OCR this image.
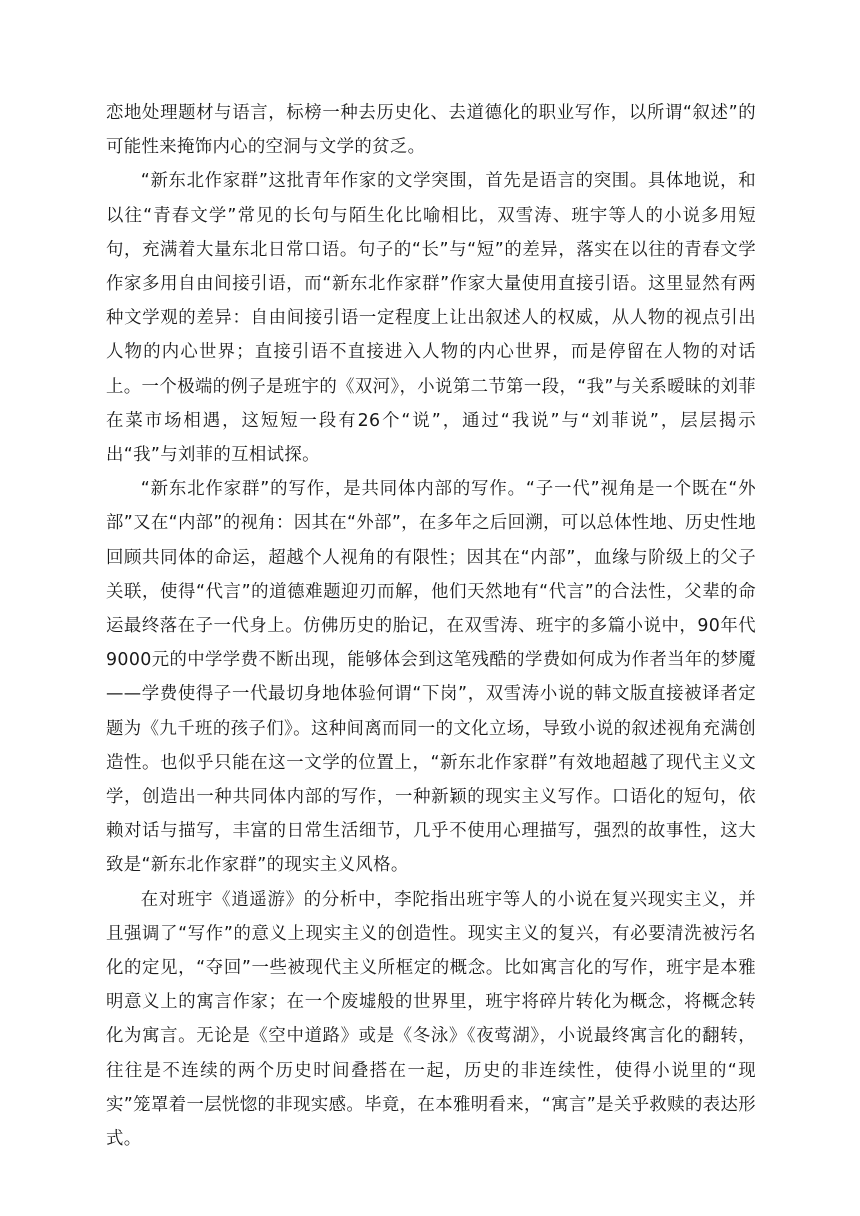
恋地处理题材与语言，标榜一种去历史化、去道德化的职业写作，以所谓“叙述”的可能性来掩饰内心的空洞与文学的贫乏。

“新东北作家群”这批青年作家的文学突围，首先是语言的突围。具体地说，和以往“青春文学”常见的长句与陌生化比喻相比，双雪涛、班宇等人的小说多用短句，充满着大量东北日常口语。句子的“长”与“短”的差异，落实在以往的青春文学作家多用自由间接引语，而“新东北作家群”作家大量使用直接引语。这里显然有两种文学观的差异：自由间接引语一定程度上让出叙述人的权威，从人物的视点引出人物的内心世界；直接引语不直接进入人物的内心世界，而是停留在人物的对话上。一个极端的例子是班宇的《双河》，小说第二节第一段，“我”与关系暧昧的刘菲在菜市场相遇，这短短一段有26个“说”，通过“我说”与“刘菲说”，层层揭示出“我”与刘菲的互相试探。

“新东北作家群”的写作，是共同体内部的写作。“子一代”视角是一个既在“外部”又在“内部”的视角：因其在“外部”，在多年之后回溯，可以总体性地、历史性地回顾共同体的命运，超越个人视角的有限性；因其在“内部”，血缘与阶级上的父子关联，使得“代言”的道德难题迎刃而解，他们天然地有“代言”的合法性，父辈的命运最终落在子一代身上。仿佛历史的胎记，在双雪涛、班宇的多篇小说中，90年代9000元的中学学费不断出现，能够体会到这笔残酷的学费如何成为作者当年的梦魇——学费使得子一代最切身地体验何谓“下岗”，双雪涛小说的韩文版直接被译者定题为《九千班的孩子们》。这种间离而同一的文化立场，导致小说的叙述视角充满创造性。也似乎只能在这一文学的位置上，“新东北作家群”有效地超越了现代主义文学，创造出一种共同体内部的写作，一种新颖的现实主义写作。口语化的短句，依赖对话与描写，丰富的日常生活细节，几乎不使用心理描写，强烈的故事性，这大致是“新东北作家群”的现实主义风格。

在对班宇《逍遥游》的分析中，李陀指出班宇等人的小说在复兴现实主义，并且强调了“写作”的意义上现实主义的创造性。现实主义的复兴，有必要清洗被污名化的定见，“夺回”一些被现代主义所框定的概念。比如寓言化的写作，班宇是本雅明意义上的寓言作家；在一个废墟般的世界里，班宇将碎片转化为概念，将概念转化为寓言。无论是《空中道路》或是《冬泳》《夜莺湖》，小说最终寓言化的翻转，往往是不连续的两个历史时间叠搭在一起，历史的非连续性，使得小说里的“现实”笼罩着一层恍惚的非现实感。毕竟，在本雅明看来，“寓言”是关乎救赎的表达形式。
